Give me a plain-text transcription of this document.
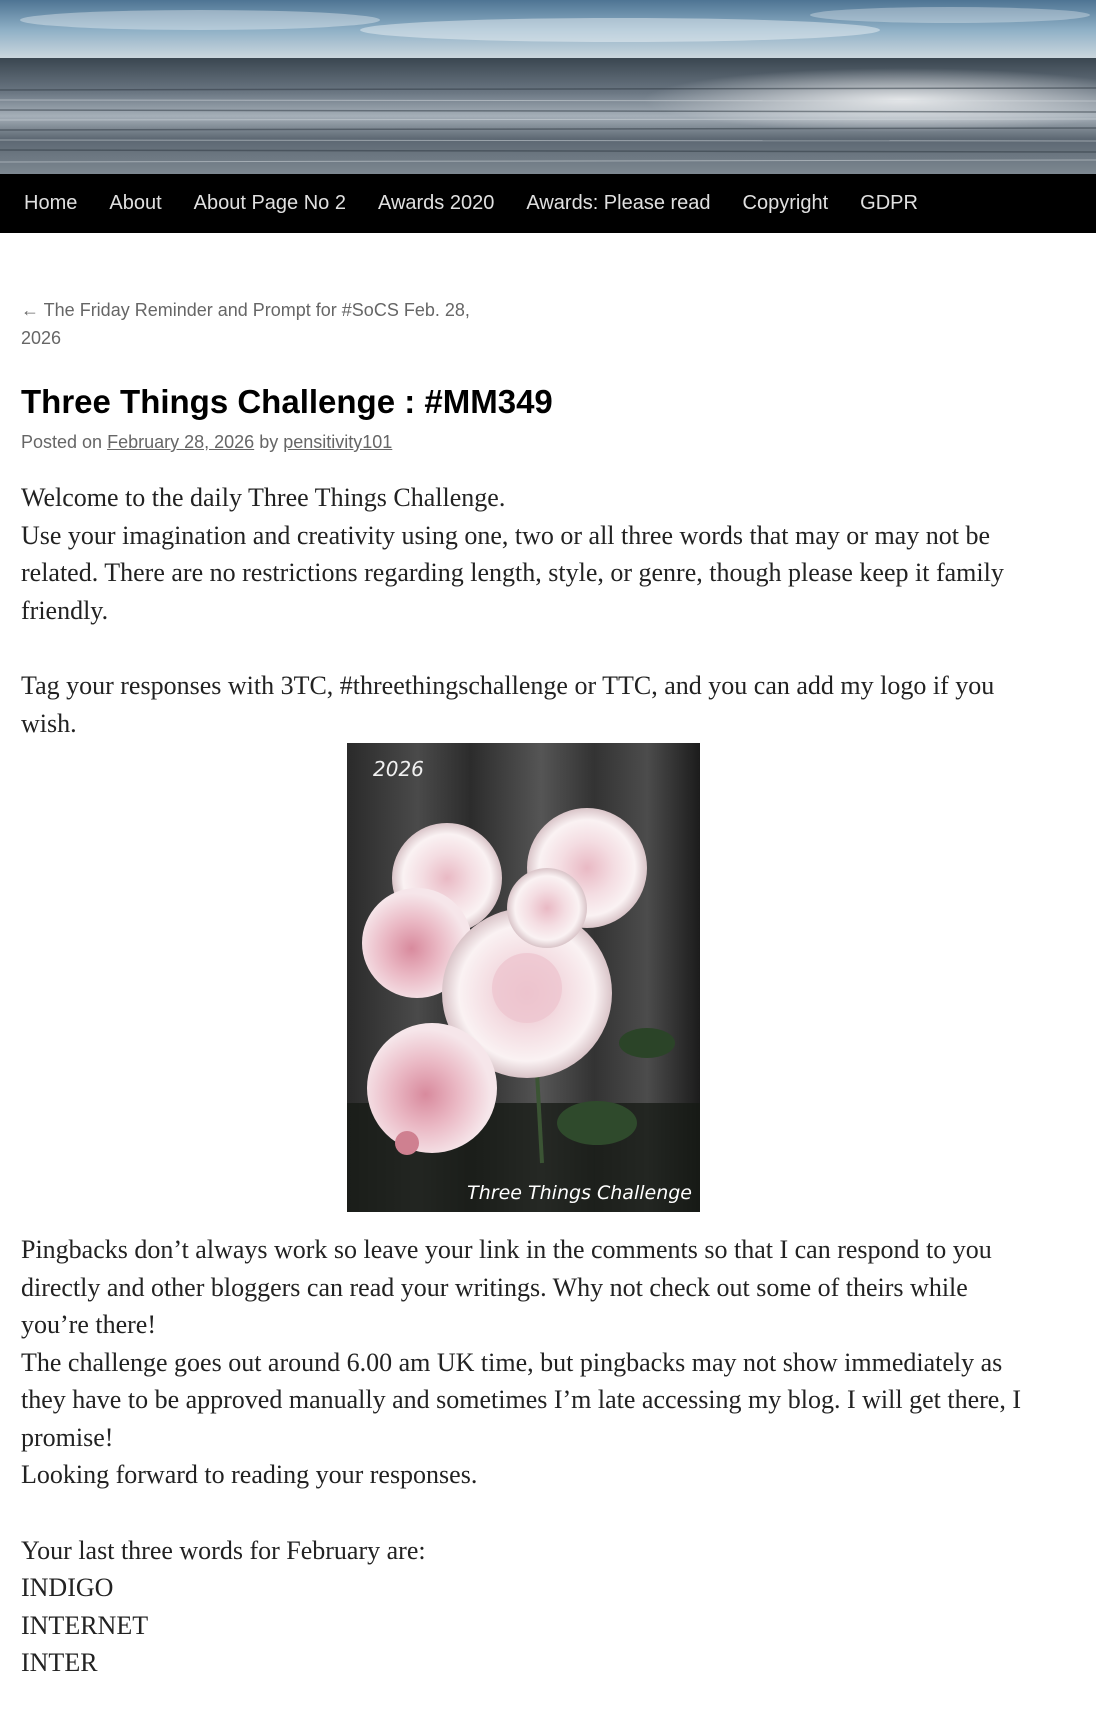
Home	About	About Page No 2	Awards 2020	Awards: Please read	Copyright	GDPR
← The Friday Reminder and Prompt for #SoCS Feb. 28, 2026
Three Things Challenge : #MM349
Posted on February 28, 2026 by pensitivity101

Welcome to the daily Three Things Challenge.

Use your imagination and creativity using one, two or all three words that may or may not be related. There are no restrictions regarding length, style, or genre, though please keep it family friendly.

Tag your responses with 3TC, #threethingschallenge or TTC, and you can add my logo if you wish.

2026
Three Things Challenge

Pingbacks don’t always work so leave your link in the comments so that I can respond to you directly and other bloggers can read your writings. Why not check out some of theirs while you’re there!

The challenge goes out around 6.00 am UK time, but pingbacks may not show immediately as they have to be approved manually and sometimes I’m late accessing my blog. I will get there, I promise!

Looking forward to reading your responses.

Your last three words for February are:

INDIGO

INTERNET

INTER
